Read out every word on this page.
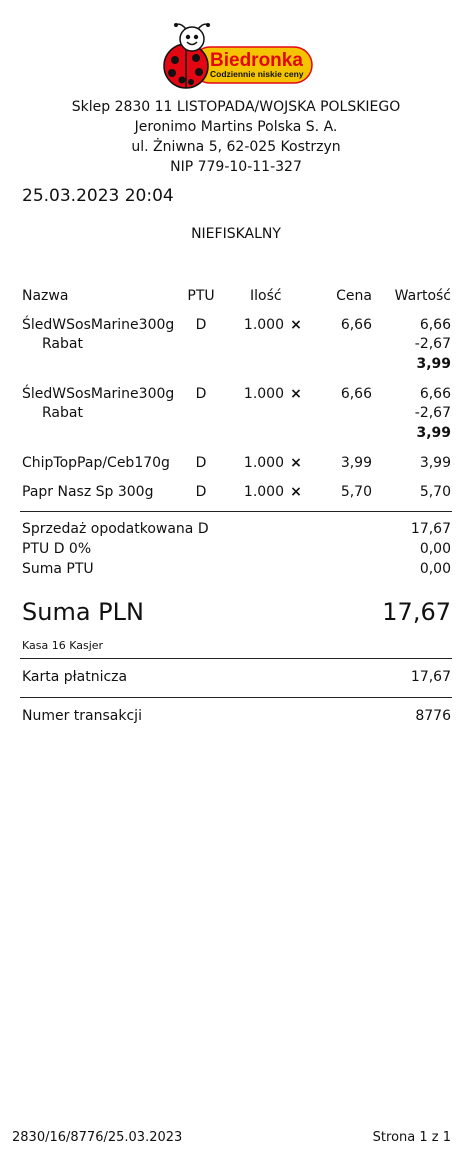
Biedronka
Codziennie niskie ceny
Sklep 2830 11 LISTOPADA/WOJSKA POLSKIEGO
Jeronimo Martins Polska S. A.
ul. Żniwna 5, 62-025 Kostrzyn
NIP 779-10-11-327
25.03.2023 20:04
NIEFISKALNY
Nazwa	PTU	Ilość	Cena	Wartość
ŚledWSosMarine300g	D	1.000 ×	6,66	6,66
Rabat	-2,67
3,99
ŚledWSosMarine300g	D	1.000 ×	6,66	6,66
Rabat	-2,67
3,99
ChipTopPap/Ceb170g	D	1.000 ×	3,99	3,99
Papr Nasz Sp 300g	D	1.000 ×	5,70	5,70
Sprzedaż opodatkowana D	17,67
PTU D 0%	0,00
Suma PTU	0,00
Suma PLN	17,67
Kasa 16 Kasjer
Karta płatnicza	17,67
Numer transakcji	8776
2830/16/8776/25.03.2023	Strona 1 z 1
